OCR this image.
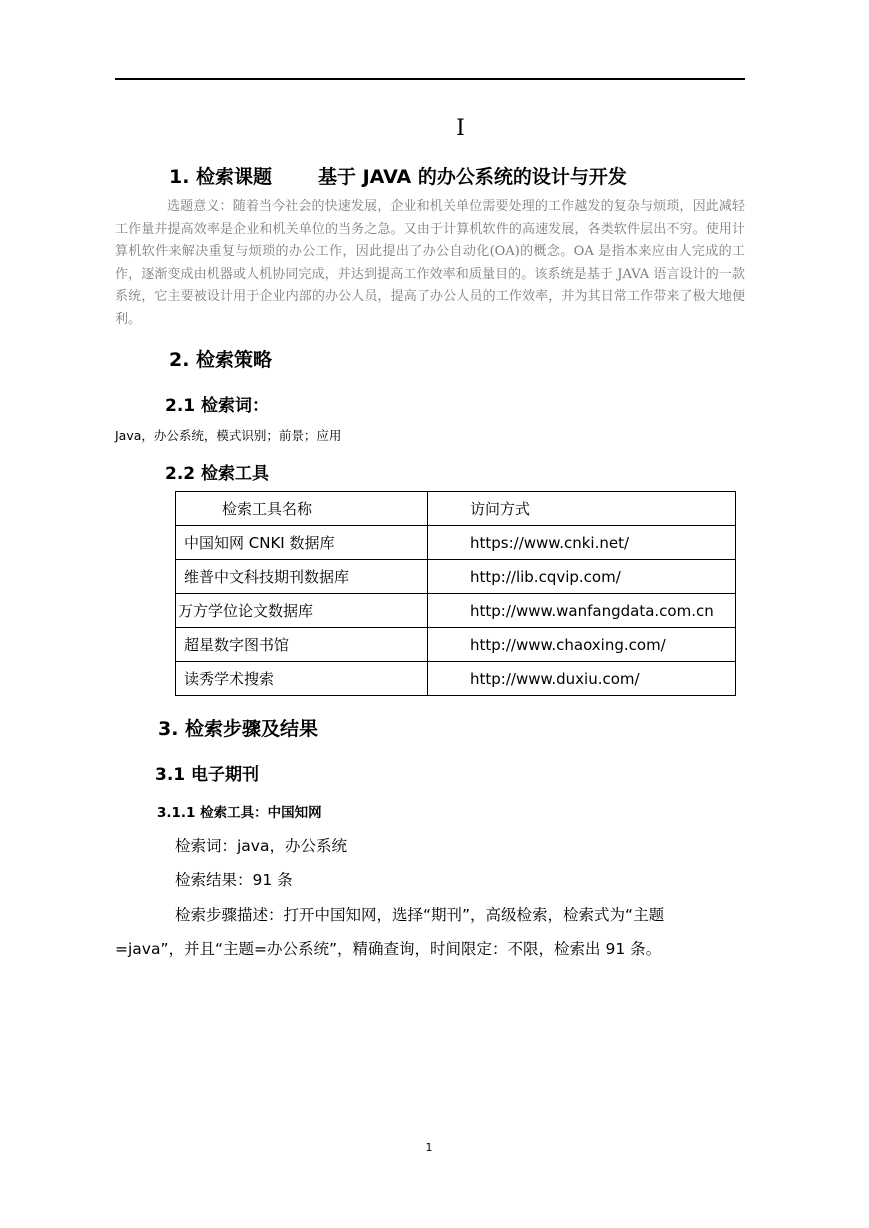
I
1. 检索课题 基于 JAVA 的办公系统的设计与开发
选题意义：随着当今社会的快速发展，企业和机关单位需要处理的工作越发的复杂与烦琐，因此减轻工作量并提高效率是企业和机关单位的当务之急。又由于计算机软件的高速发展，各类软件层出不穷。使用计算机软件来解决重复与烦琐的办公工作，因此提出了办公自动化(OA)的概念。OA 是指本来应由人完成的工作，逐渐变成由机器或人机协同完成，并达到提高工作效率和质量目的。该系统是基于 JAVA 语言设计的一款系统，它主要被设计用于企业内部的办公人员，提高了办公人员的工作效率，并为其日常工作带来了极大地便利。
2. 检索策略
2.1 检索词：
Java，办公系统，模式识别；前景；应用
2.2 检索工具
检索工具名称	访问方式
中国知网 CNKI 数据库	https://www.cnki.net/
维普中文科技期刊数据库	http://lib.cqvip.com/
万方学位论文数据库	http://www.wanfangdata.com.cn
超星数字图书馆	http://www.chaoxing.com/
读秀学术搜索	http://www.duxiu.com/
3. 检索步骤及结果
3.1 电子期刊
3.1.1 检索工具：中国知网
检索词：java，办公系统
检索结果：91 条
检索步骤描述：打开中国知网，选择“期刊”，高级检索，检索式为“主题
=java”，并且“主题=办公系统”，精确查询，时间限定：不限，检索出 91 条。
1
